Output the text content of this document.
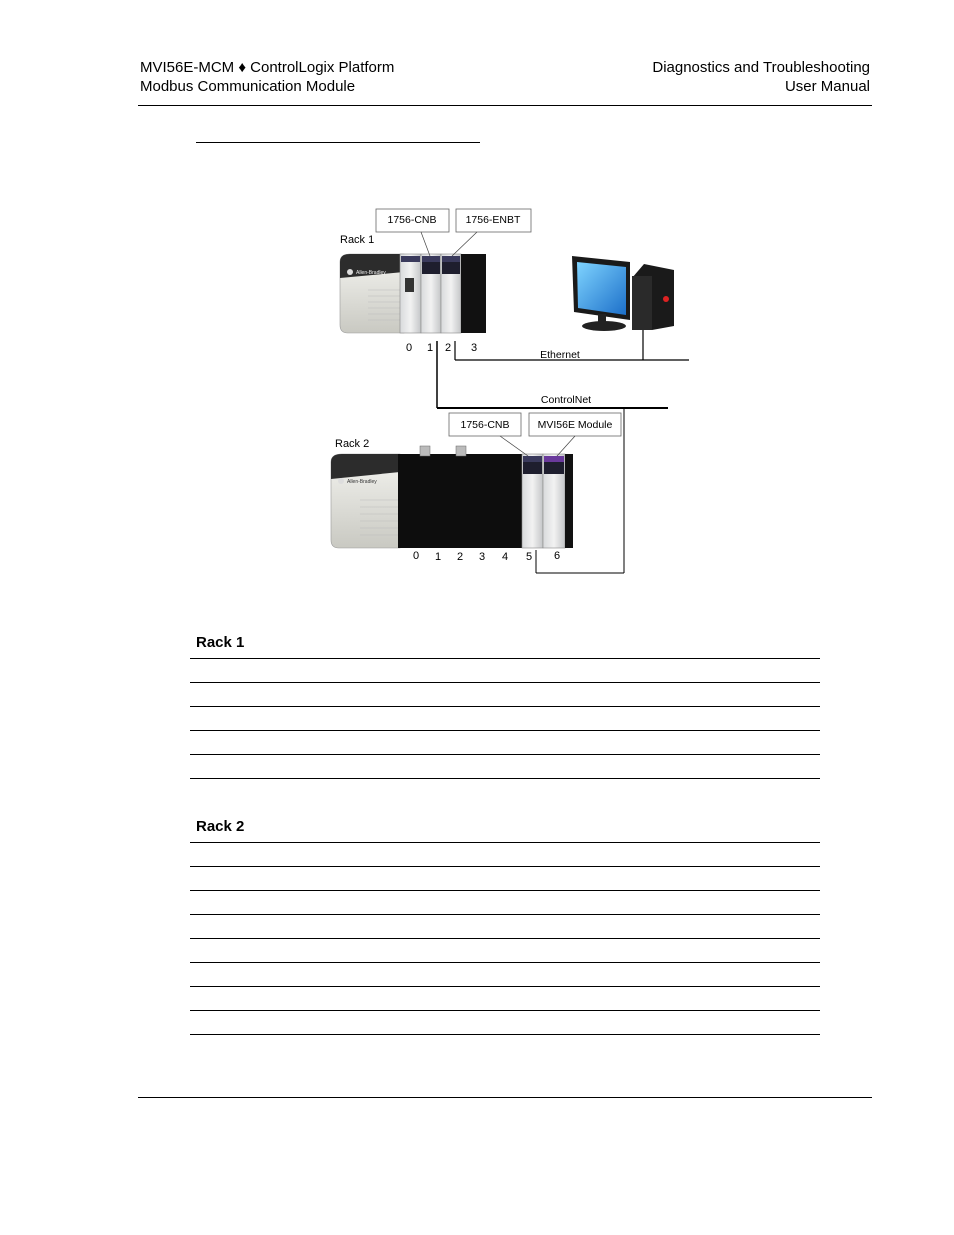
MVI56E-MCM ♦ ControlLogix Platform
Modbus Communication Module
Diagnostics and Troubleshooting
User Manual
Rack 1
Allen-Bradley
1756-CNB	1756-ENBT
0 1 2 3
Ethernet
ControlNet
Rack 2
Allen-Bradley
1756-CNB	MVI56E Module
0 1 2 3 4 5 6
Rack 1
Rack 2
